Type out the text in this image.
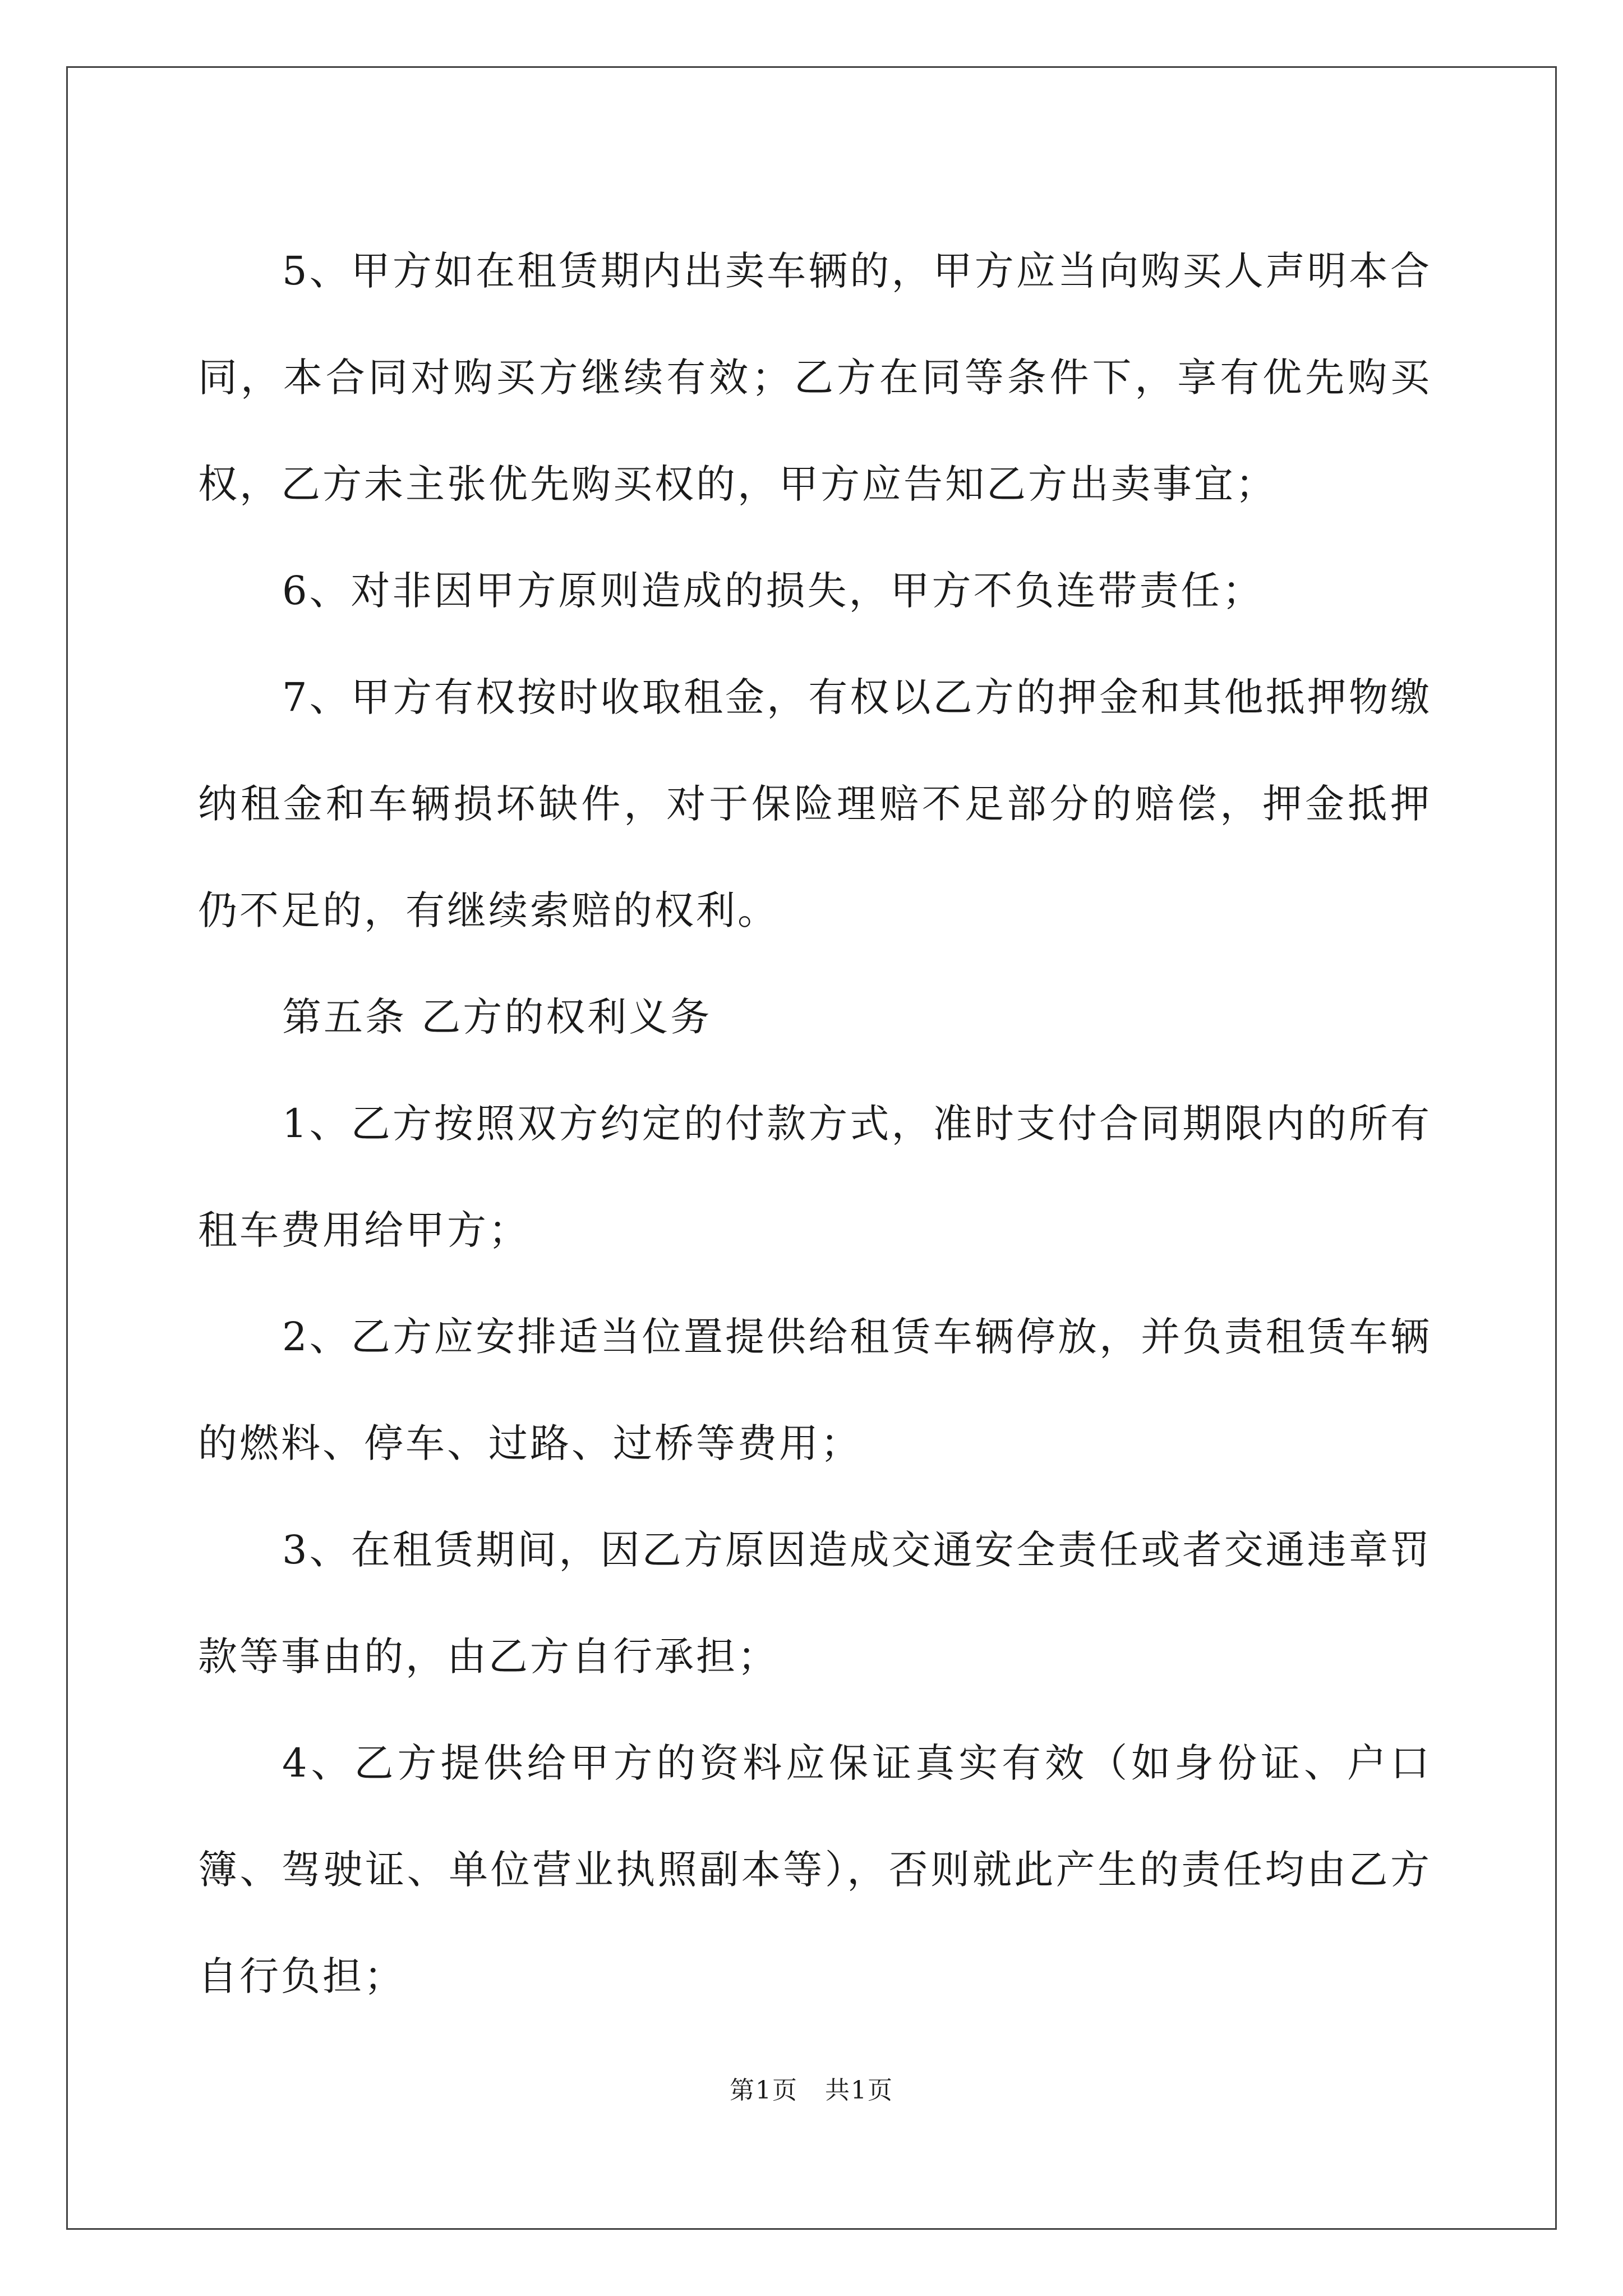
5、甲方如在租赁期内出卖车辆的，甲方应当向购买人声明本合同，本合同对购买方继续有效；乙方在同等条件下，享有优先购买权，乙方未主张优先购买权的，甲方应告知乙方出卖事宜；

6、对非因甲方原则造成的损失，甲方不负连带责任；

7、甲方有权按时收取租金，有权以乙方的押金和其他抵押物缴纳租金和车辆损坏缺件，对于保险理赔不足部分的赔偿，押金抵押仍不足的，有继续索赔的权利。

第五条 乙方的权利义务

1、乙方按照双方约定的付款方式，准时支付合同期限内的所有租车费用给甲方；

2、乙方应安排适当位置提供给租赁车辆停放，并负责租赁车辆的燃料、停车、过路、过桥等费用；

3、在租赁期间，因乙方原因造成交通安全责任或者交通违章罚款等事由的，由乙方自行承担；

4、乙方提供给甲方的资料应保证真实有效（如身份证、户口簿、驾驶证、单位营业执照副本等），否则就此产生的责任均由乙方自行负担；

第1页 共1页
